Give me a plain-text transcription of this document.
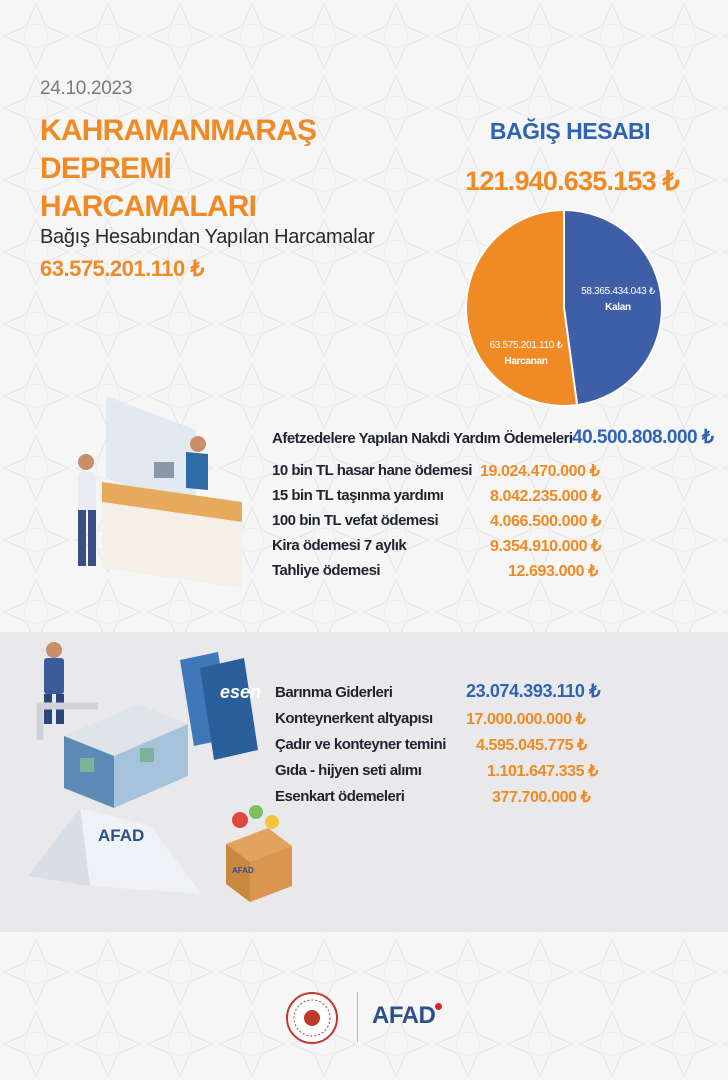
24.10.2023
KAHRAMANMARAŞ DEPREMİ
HARCAMALARI
Bağış Hesabından Yapılan Harcamalar
63.575.201.110 ₺
BAĞIŞ HESABI
121.940.635.153 ₺
58.365.434.043 ₺
Kalan
63.575.201.110 ₺
Harcanan
Afetzedelere Yapılan Nakdi Yardım Ödemeleri 40.500.808.000 ₺
10 bin TL hasar hane ödemesi 19.024.470.000 ₺
15 bin TL taşınma yardımı	8.042.235.000 ₺
100 bin TL vefat ödemesi	4.066.500.000 ₺
Kira ödemesi 7 aylık	9.354.910.000 ₺
Tahliye ödemesi	12.693.000 ₺
esen
AFAD
AFAD
Barınma Giderleri	23.074.393.110 ₺
Konteynerkent altyapısı 17.000.000.000 ₺
Çadır ve konteyner temini 4.595.045.775 ₺
Gıda - hijyen seti alımı	1.101.647.335 ₺
Esenkart ödemeleri	377.700.000 ₺
AFAD
